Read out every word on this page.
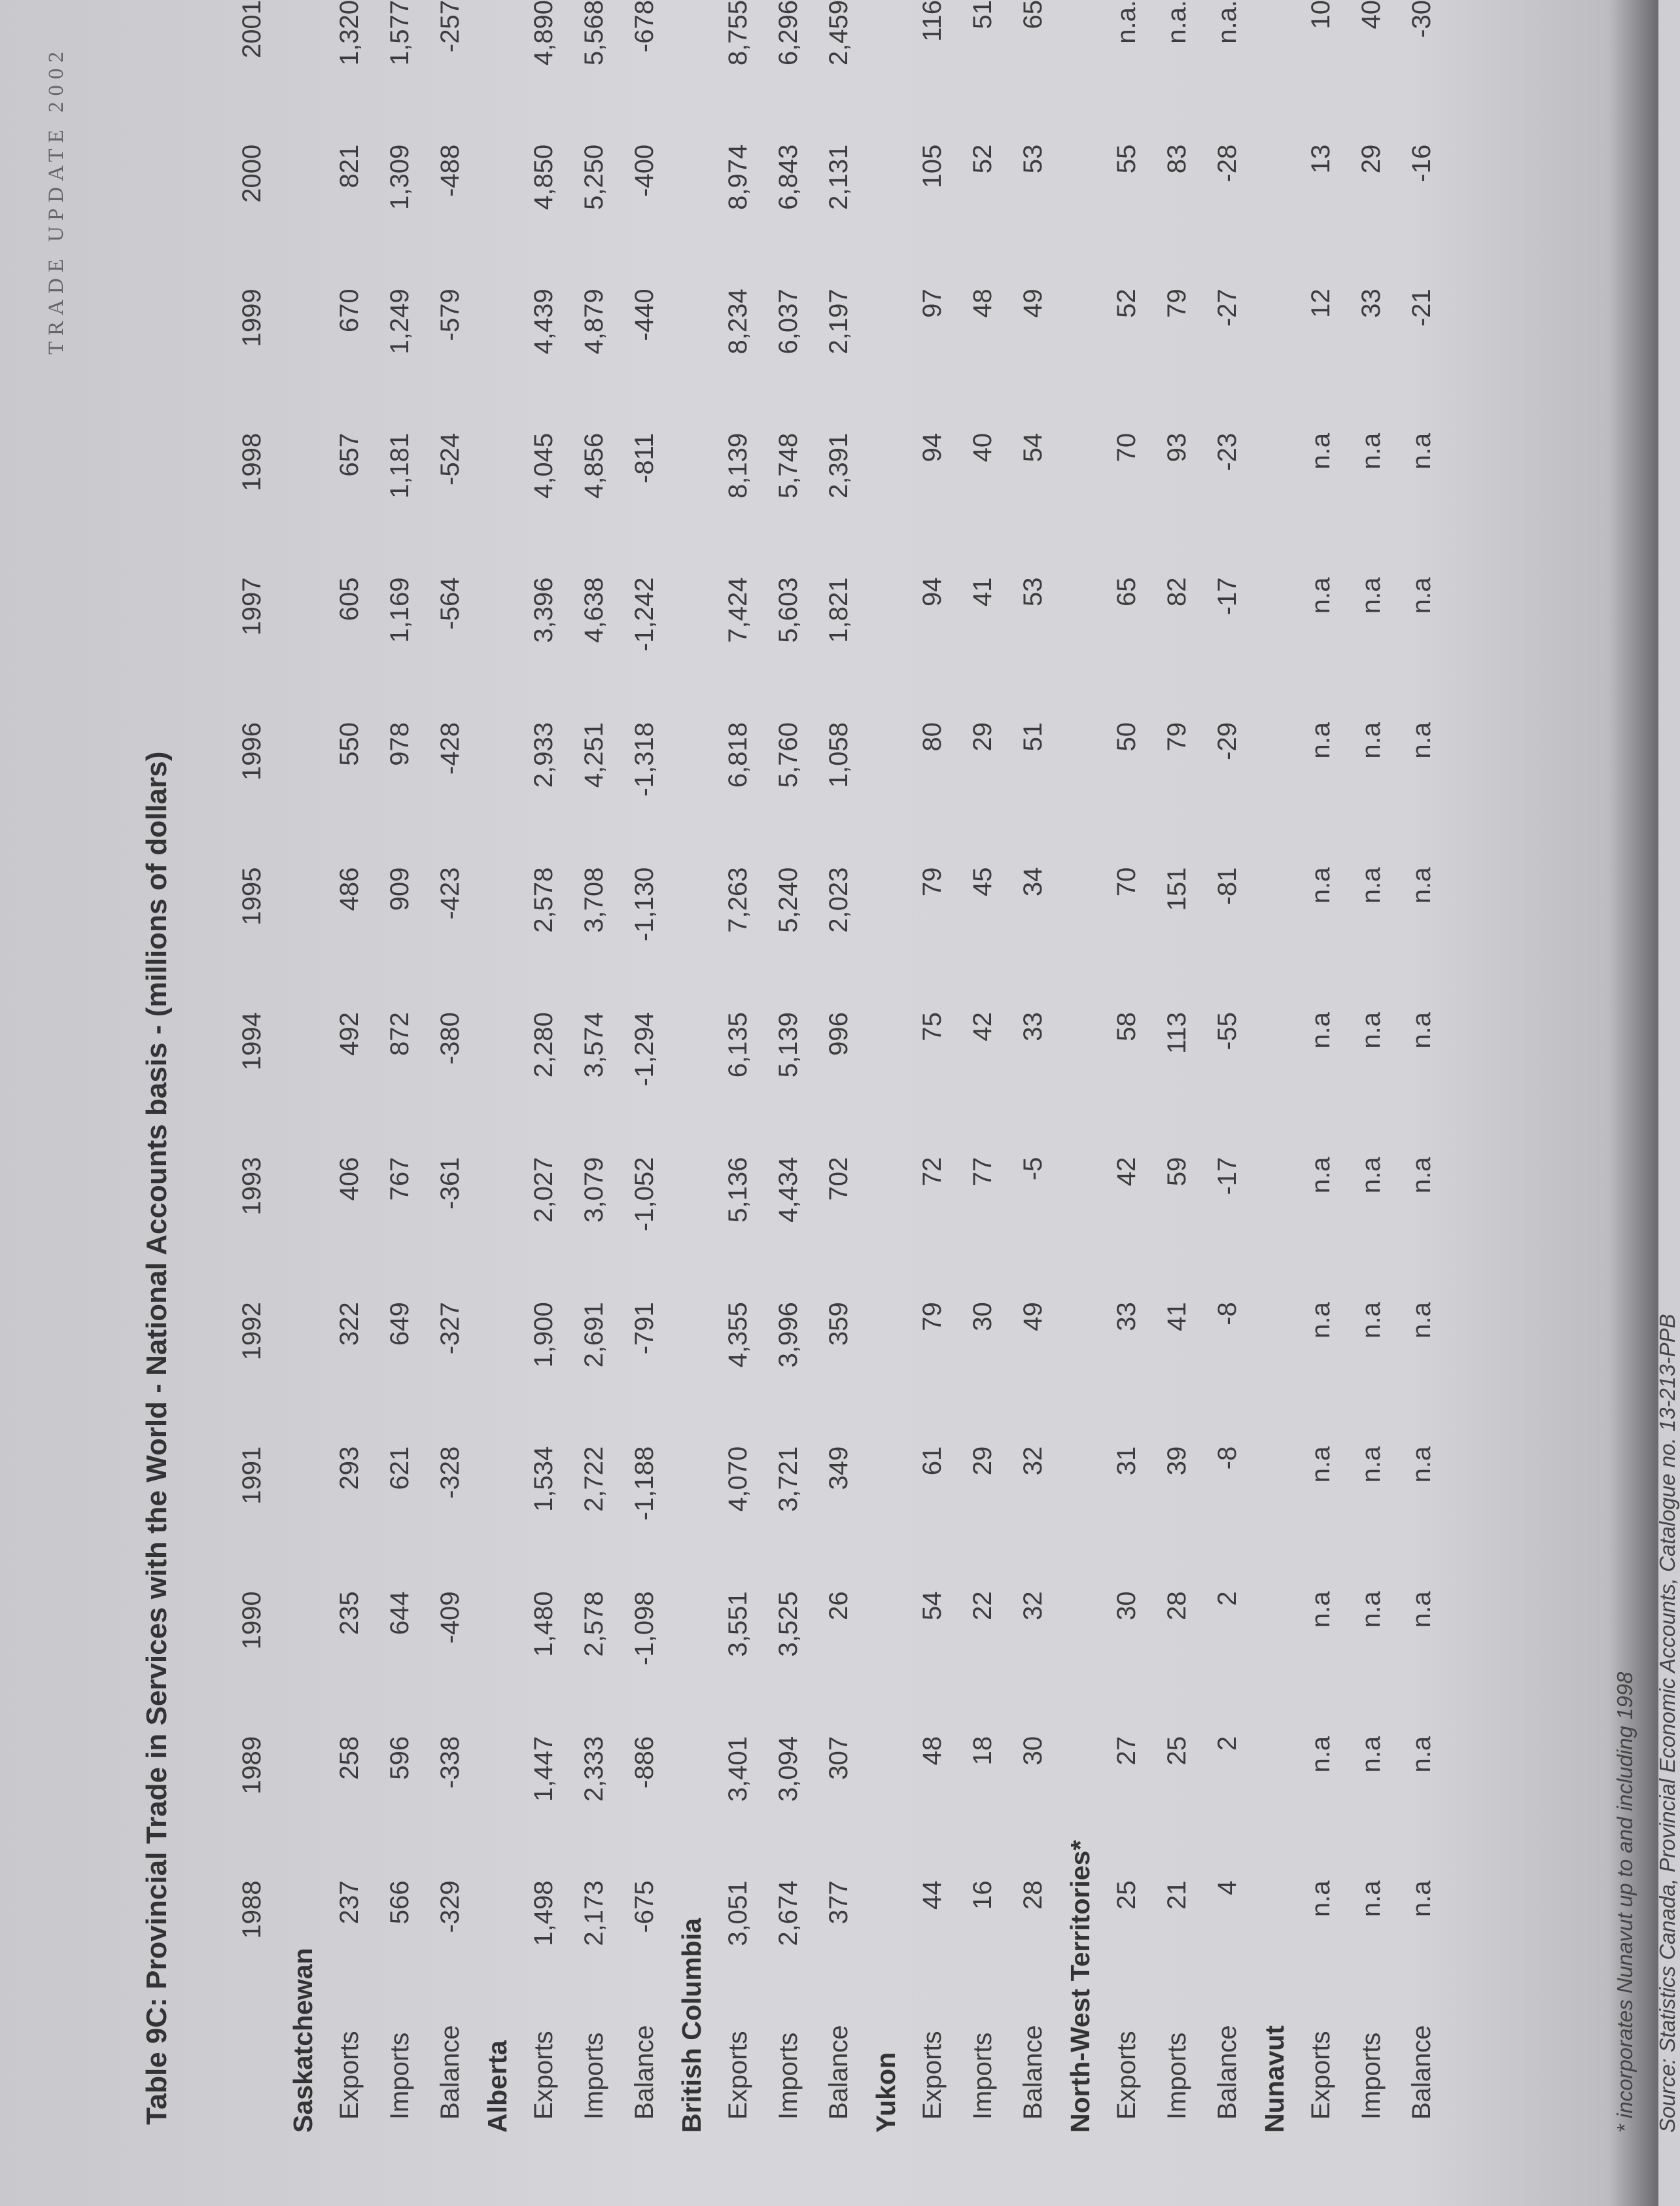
TRADE UPDATE 2002
Table 9C: Provincial Trade in Services with the World - National Accounts basis - (millions of dollars)
	1988	1989	1990	1991	1992	1993	1994	1995	1996	1997	1998	1999	2000	2001
Saskatchewan														
Exports	237	258	235	293	322	406	492	486	550	605	657	670	821	1,320
Imports	566	596	644	621	649	767	872	909	978	1,169	1,181	1,249	1,309	1,577
Balance	-329	-338	-409	-328	-327	-361	-380	-423	-428	-564	-524	-579	-488	-257
Alberta														
Exports	1,498	1,447	1,480	1,534	1,900	2,027	2,280	2,578	2,933	3,396	4,045	4,439	4,850	4,890
Imports	2,173	2,333	2,578	2,722	2,691	3,079	3,574	3,708	4,251	4,638	4,856	4,879	5,250	5,568
Balance	-675	-886	-1,098	-1,188	-791	-1,052	-1,294	-1,130	-1,318	-1,242	-811	-440	-400	-678
British Columbia														
Exports	3,051	3,401	3,551	4,070	4,355	5,136	6,135	7,263	6,818	7,424	8,139	8,234	8,974	8,755
Imports	2,674	3,094	3,525	3,721	3,996	4,434	5,139	5,240	5,760	5,603	5,748	6,037	6,843	6,296
Balance	377	307	26	349	359	702	996	2,023	1,058	1,821	2,391	2,197	2,131	2,459
Yukon														
Exports	44	48	54	61	79	72	75	79	80	94	94	97	105	116
Imports	16	18	22	29	30	77	42	45	29	41	40	48	52	51
Balance	28	30	32	32	49	-5	33	34	51	53	54	49	53	65
North-West Territories*														
Exports	25	27	30	31	33	42	58	70	50	65	70	52	55	n.a.
Imports	21	25	28	39	41	59	113	151	79	82	93	79	83	n.a.
Balance	4	2	2	-8	-8	-17	-55	-81	-29	-17	-23	-27	-28	n.a.
Nunavut														
Exports	n.a	n.a	n.a	n.a	n.a	n.a	n.a	n.a	n.a	n.a	n.a	12	13	10
Imports	n.a	n.a	n.a	n.a	n.a	n.a	n.a	n.a	n.a	n.a	n.a	33	29	40
Balance	n.a	n.a	n.a	n.a	n.a	n.a	n.a	n.a	n.a	n.a	n.a	-21	-16	-30
* incorporates Nunavut up to and including 1998 Source: Statistics Canada, Provincial Economic Accounts, Catalogue no. 13-213-PPB
